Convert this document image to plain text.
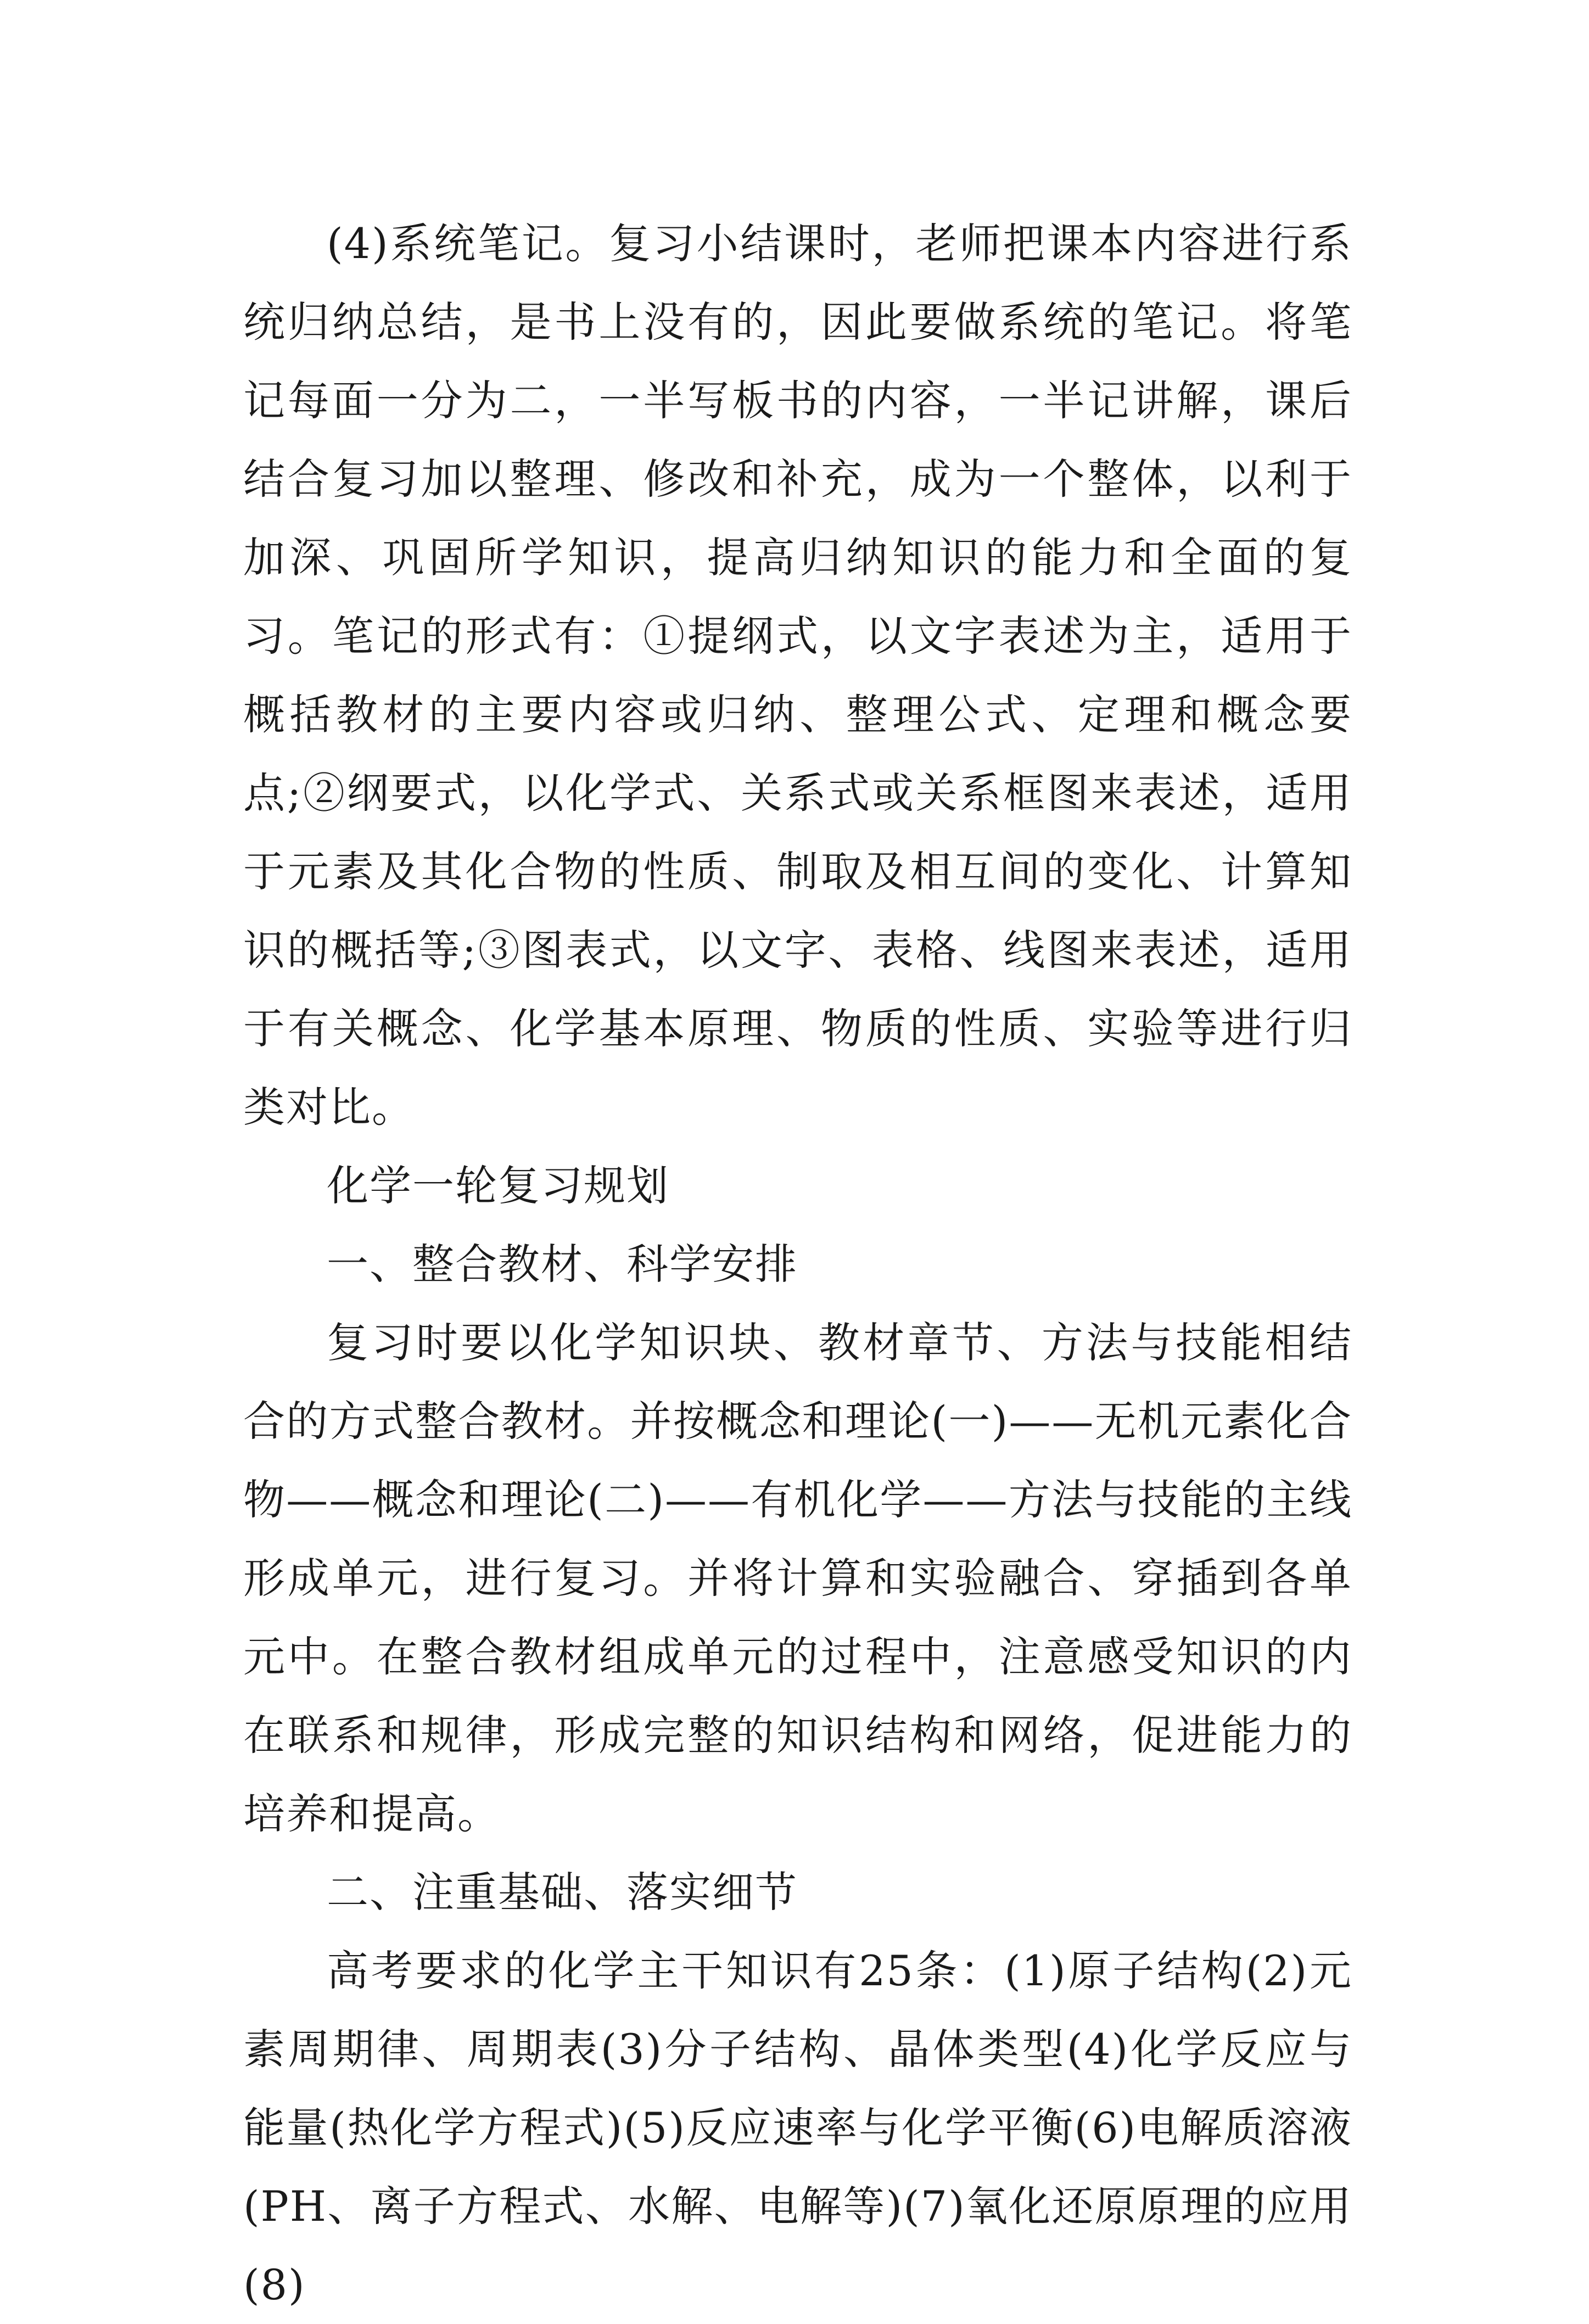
(4)系统笔记。复习小结课时，老师把课本内容进行系统归纳总结，是书上没有的，因此要做系统的笔记。将笔记每面一分为二，一半写板书的内容，一半记讲解，课后结合复习加以整理、修改和补充，成为一个整体，以利于加深、巩固所学知识，提高归纳知识的能力和全面的复习。笔记的形式有：①提纲式，以文字表述为主，适用于概括教材的主要内容或归纳、整理公式、定理和概念要点;②纲要式，以化学式、关系式或关系框图来表述，适用于元素及其化合物的性质、制取及相互间的变化、计算知识的概括等;③图表式，以文字、表格、线图来表述，适用于有关概念、化学基本原理、物质的性质、实验等进行归类对比。

化学一轮复习规划

一、整合教材、科学安排

复习时要以化学知识块、教材章节、方法与技能相结合的方式整合教材。并按概念和理论(一)——无机元素化合物——概念和理论(二)——有机化学——方法与技能的主线形成单元，进行复习。并将计算和实验融合、穿插到各单元中。在整合教材组成单元的过程中，注意感受知识的内在联系和规律，形成完整的知识结构和网络，促进能力的培养和提高。

二、注重基础、落实细节

高考要求的化学主干知识有25条：(1)原子结构(2)元素周期律、周期表(3)分子结构、晶体类型(4)化学反应与能量(热化学方程式)(5)反应速率与化学平衡(6)电解质溶液(PH、离子方程式、水解、电解等)(7)氧化还原原理的应用(8)
